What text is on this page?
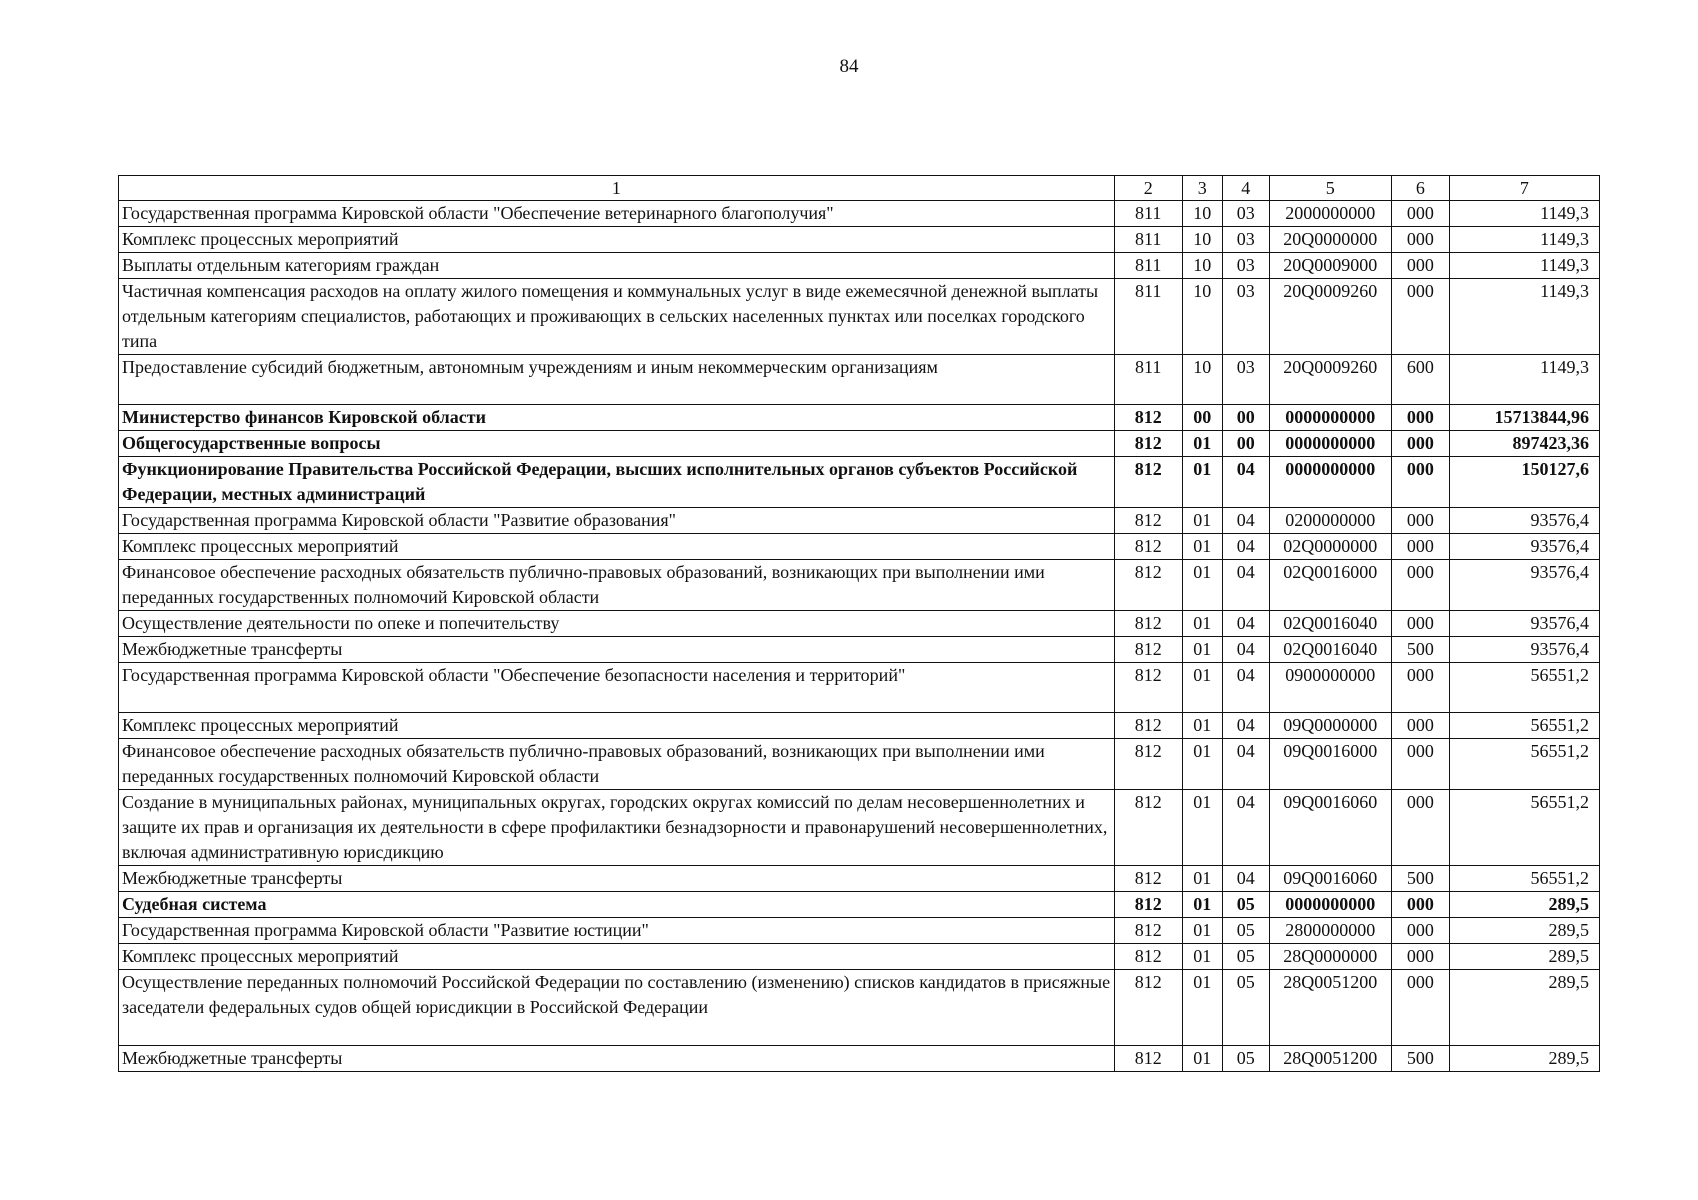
84
1	2	3	4	5	6	7
Государственная программа Кировской области "Обеспечение ветеринарного благополучия"	811	10	03	2000000000	000	1149,3
Комплекс процессных мероприятий	811	10	03	20Q0000000	000	1149,3
Выплаты отдельным категориям граждан	811	10	03	20Q0009000	000	1149,3
Частичная компенсация расходов на оплату жилого помещения и коммунальных услуг в виде ежемесячной денежной выплаты отдельным категориям специалистов, работающих и проживающих в сельских населенных пунктах или поселках городского типа	811	10	03	20Q0009260	000	1149,3
Предоставление субсидий бюджетным, автономным учреждениям и иным некоммерческим организациям	811	10	03	20Q0009260	600	1149,3
Министерство финансов Кировской области	812	00	00	0000000000	000	15713844,96
Общегосударственные вопросы	812	01	00	0000000000	000	897423,36
Функционирование Правительства Российской Федерации, высших исполнительных органов субъектов Российской Федерации, местных администраций	812	01	04	0000000000	000	150127,6
Государственная программа Кировской области "Развитие образования"	812	01	04	0200000000	000	93576,4
Комплекс процессных мероприятий	812	01	04	02Q0000000	000	93576,4
Финансовое обеспечение расходных обязательств публично-правовых образований, возникающих при выполнении ими переданных государственных полномочий Кировской области	812	01	04	02Q0016000	000	93576,4
Осуществление деятельности по опеке и попечительству	812	01	04	02Q0016040	000	93576,4
Межбюджетные трансферты	812	01	04	02Q0016040	500	93576,4
Государственная программа Кировской области "Обеспечение безопасности населения и территорий"	812	01	04	0900000000	000	56551,2
Комплекс процессных мероприятий	812	01	04	09Q0000000	000	56551,2
Финансовое обеспечение расходных обязательств публично-правовых образований, возникающих при выполнении ими переданных государственных полномочий Кировской области	812	01	04	09Q0016000	000	56551,2
Создание в муниципальных районах, муниципальных округах, городских округах комиссий по делам несовершеннолетних и защите их прав и организация их деятельности в сфере профилактики безнадзорности и правонарушений несовершеннолетних, включая административную юрисдикцию	812	01	04	09Q0016060	000	56551,2
Межбюджетные трансферты	812	01	04	09Q0016060	500	56551,2
Судебная система	812	01	05	0000000000	000	289,5
Государственная программа Кировской области "Развитие юстиции"	812	01	05	2800000000	000	289,5
Комплекс процессных мероприятий	812	01	05	28Q0000000	000	289,5
Осуществление переданных полномочий Российской Федерации по составлению (изменению) списков кандидатов в присяжные заседатели федеральных судов общей юрисдикции в Российской Федерации	812	01	05	28Q0051200	000	289,5
Межбюджетные трансферты	812	01	05	28Q0051200	500	289,5
